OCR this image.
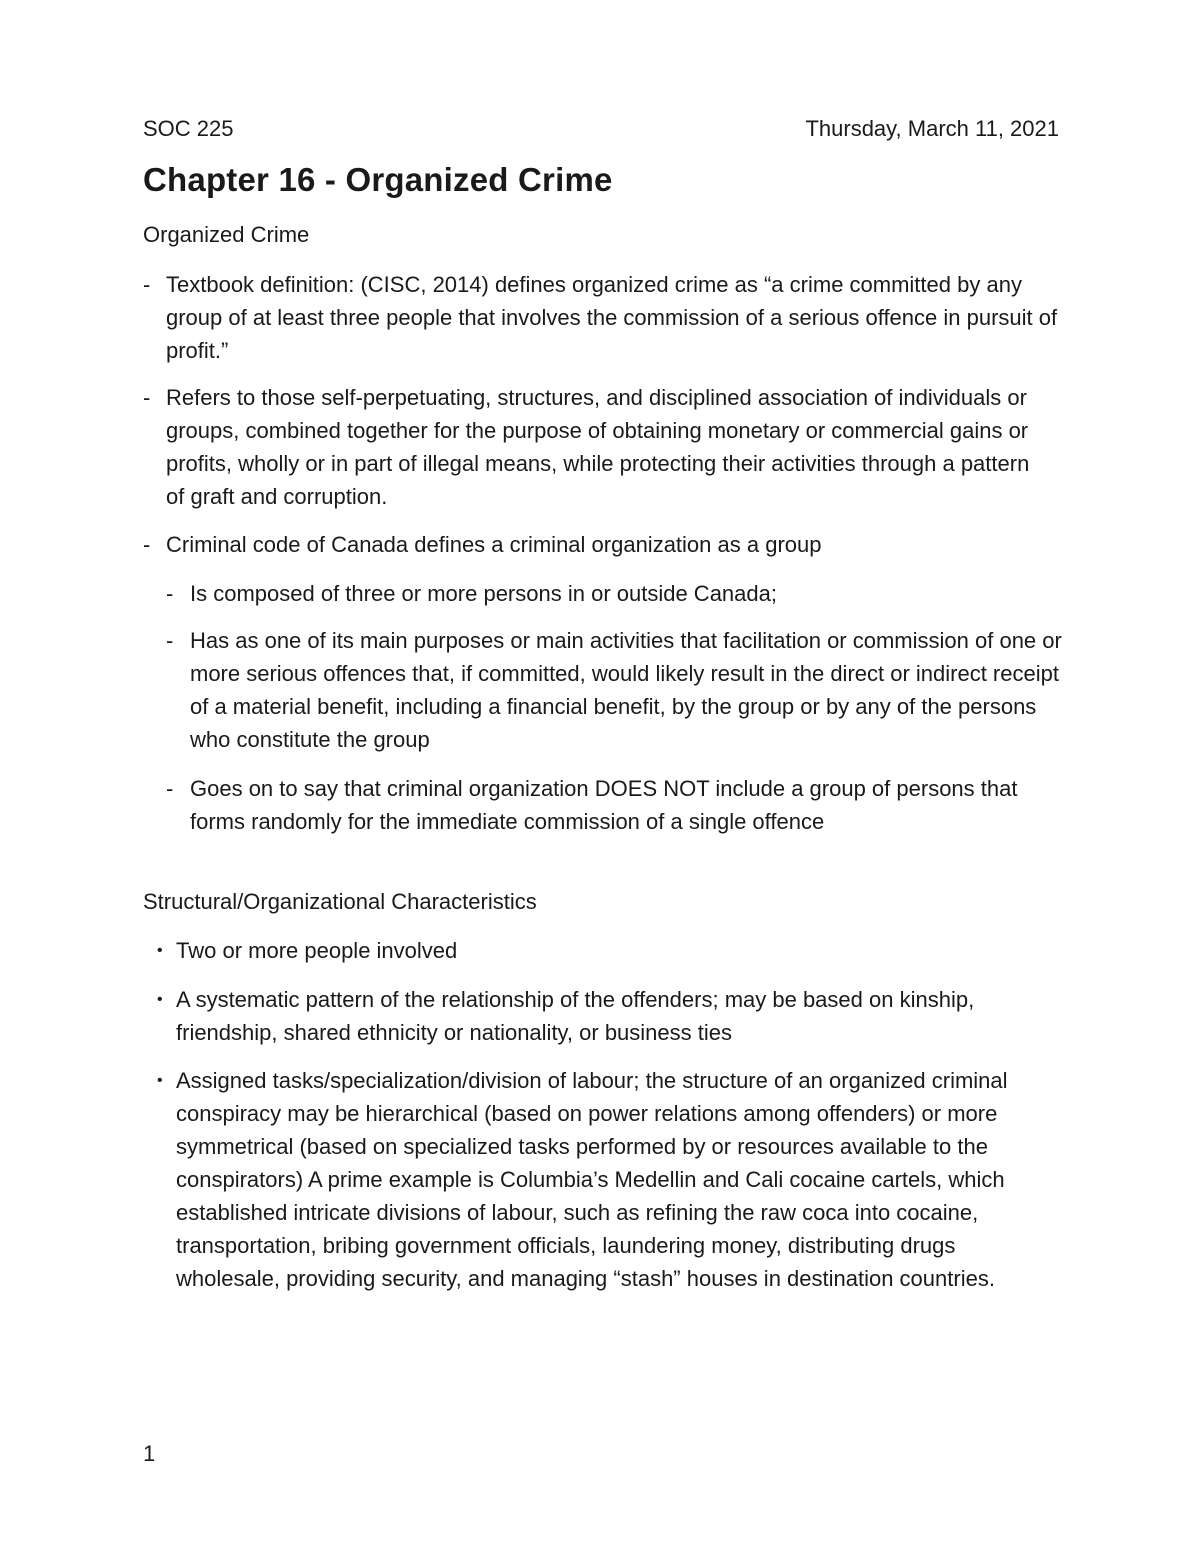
SOC 225	Thursday, March 11, 2021
Chapter 16 - Organized Crime
Organized Crime
- Textbook definition: (CISC, 2014) defines organized crime as “a crime committed by any group of at least three people that involves the commission of a serious offence in pursuit of profit.”
- Refers to those self-perpetuating, structures, and disciplined association of individuals or groups, combined together for the purpose of obtaining monetary or commercial gains or profits, wholly or in part of illegal means, while protecting their activities through a pattern of graft and corruption.
- Criminal code of Canada defines a criminal organization as a group
- Is composed of three or more persons in or outside Canada;
- Has as one of its main purposes or main activities that facilitation or commission of one or more serious offences that, if committed, would likely result in the direct or indirect receipt of a material benefit, including a financial benefit, by the group or by any of the persons who constitute the group
- Goes on to say that criminal organization DOES NOT include a group of persons that forms randomly for the immediate commission of a single offence
Structural/Organizational Characteristics
• Two or more people involved
• A systematic pattern of the relationship of the offenders; may be based on kinship, friendship, shared ethnicity or nationality, or business ties
• Assigned tasks/specialization/division of labour; the structure of an organized criminal conspiracy may be hierarchical (based on power relations among offenders) or more symmetrical (based on specialized tasks performed by or resources available to the conspirators) A prime example is Columbia’s Medellin and Cali cocaine cartels, which established intricate divisions of labour, such as refining the raw coca into cocaine, transportation, bribing government officials, laundering money, distributing drugs wholesale, providing security, and managing “stash” houses in destination countries.
1
